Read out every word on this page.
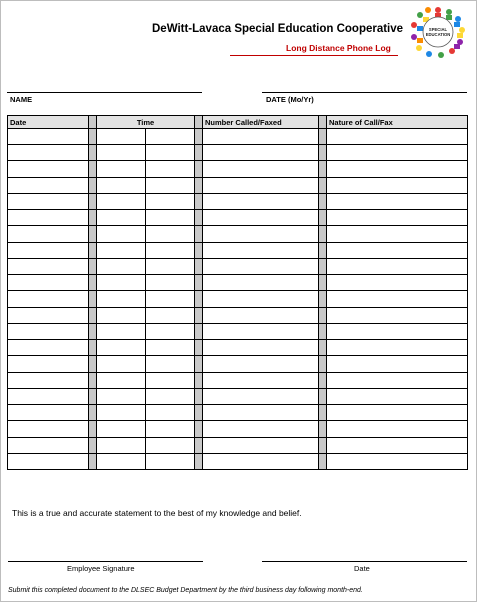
DeWitt-Lavaca Special Education Cooperative
Long Distance Phone Log
SPECIAL
EDUCATION
NAME	DATE (Mo/Yr)
Date		Time			Number Called/Faxed		Nature of Call/Fax

This is a true and accurate statement to the best of my knowledge and belief.
Employee Signature	Date
Submit this completed document to the DLSEC Budget Department by the third business day following month-end.
